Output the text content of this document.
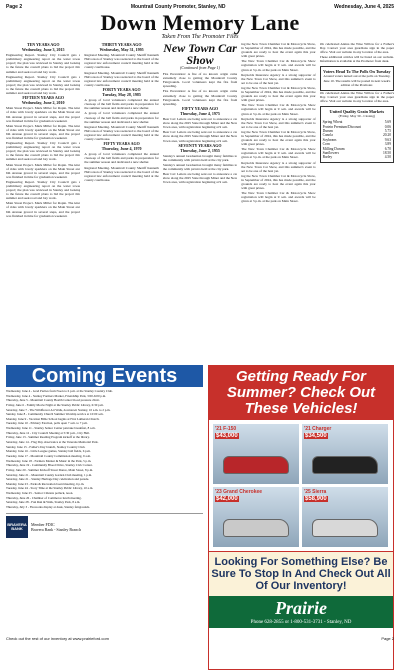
Page 2	Mountrail County Promoter, Stanley, ND	Wednesday, June 4, 2025
Down Memory Lane
Taken From The Promoter Files
TEN YEARS AGO
Wednesday, June 3, 2015

Engineering Report. Stanley City Council gets a preliminary engineering report on the water tower project; the plan was reviewed in Stanley and looking to the future the council plans to bid the project this summer and seek road and bay work.

Engineering Report. Stanley City Council gets a preliminary engineering report on the water tower project; the plan was reviewed in Stanley and looking to the future the council plans to bid the project this summer and seek road and bay work.

FIFTEEN YEARS AGO
Wednesday, June 2, 2010

Main Street Project. Mark Miller for Ropin. The kind of rides with lovely sparklers on the Main Street and 6th Avenue graced in several steps, and the project was finished in time for graduation weekend.

Main Street Project. Mark Miller for Ropin. The kind of rides with lovely sparklers on the Main Street and 6th Avenue graced in several steps, and the project was finished in time for graduation weekend.

Engineering Report. Stanley City Council gets a preliminary engineering report on the water tower project; the plan was reviewed in Stanley and looking to the future the council plans to bid the project this summer and seek road and bay work.

Main Street Project. Mark Miller for Ropin. The kind of rides with lovely sparklers on the Main Street and 6th Avenue graced in several steps, and the project was finished in time for graduation weekend.

Engineering Report. Stanley City Council gets a preliminary engineering report on the water tower project; the plan was reviewed in Stanley and looking to the future the council plans to bid the project this summer and seek road and bay work.

Main Street Project. Mark Miller for Ropin. The kind of rides with lovely sparklers on the Main Street and 6th Avenue graced in several steps, and the project was finished in time for graduation weekend.

THIRTY YEARS AGO
Wednesday, May 31, 1995

Regional Meeting. Mountrail County Sheriff Kenneth Halvorson of Stanley was reelected to the board of the regional law enforcement council meeting held at the county courthouse.

Regional Meeting. Mountrail County Sheriff Kenneth Halvorson of Stanley was reelected to the board of the regional law enforcement council meeting held at the county courthouse.

FORTY YEARS AGO
Tuesday, May 28, 1985

A group of local volunteers completed the annual clean-up of the ball fields and parks in preparation for the summer season and dedicated a new shelter.

A group of local volunteers completed the annual clean-up of the ball fields and parks in preparation for the summer season and dedicated a new shelter.

Regional Meeting. Mountrail County Sheriff Kenneth Halvorson of Stanley was reelected to the board of the regional law enforcement council meeting held at the county courthouse.

FIFTY YEARS AGO
Thursday, June 4, 1970

A group of local volunteers completed the annual clean-up of the ball fields and parks in preparation for the summer season and dedicated a new shelter.

Regional Meeting. Mountrail County Sheriff Kenneth Halvorson of Stanley was reelected to the board of the regional law enforcement council meeting held at the county courthouse.

New Town Car Show
(Continued from Page 1)

Fire Prevention: A fire of no known origin came extremely close to getting the Mountrail County Fairgrounds. Local volunteers kept the fire from spreading.

Fire Prevention: A fire of no known origin came extremely close to getting the Mountrail County Fairgrounds. Local volunteers kept the fire from spreading.

FIFTY YEARS AGO
Thursday, June 4, 1975

Bear Cat: Letters are being sent out to announce a car show along the 2025 State through Minot and the New Town area, with registration beginning at 9 a.m.

Bear Cat: Letters are being sent out to announce a car show along the 2025 State through Minot and the New Town area, with registration beginning at 9 a.m.

SEVENTY YEARS AGO
Thursday, June 2, 1955

Stanley's annual Graduation brought many families to the community with picnics held at the city park.

Stanley's annual Graduation brought many families to the community with picnics held at the city park.

Bear Cat: Letters are being sent out to announce a car show along the 2025 State through Minot and the New Town area, with registration beginning at 9 a.m.

ing the New Town Chamber Car & Motorcycle Show, in September of 2024, this has made possible, and the grounds are ready to host the event again this year with great prizes.

The New Town Chamber Car & Motorcycle Show registration will begin at 9 a.m. and awards will be given at 3 p.m. at the park on Main Street.

Reynolds Insurance Agency is a strong supporter of the New Town Car Show, and this summer's event is set to be one of the best yet.

ing the New Town Chamber Car & Motorcycle Show, in September of 2024, this has made possible, and the grounds are ready to host the event again this year with great prizes.

The New Town Chamber Car & Motorcycle Show registration will begin at 9 a.m. and awards will be given at 3 p.m. at the park on Main Street.

Reynolds Insurance Agency is a strong supporter of the New Town Car Show, and this summer's event is set to be one of the best yet.

ing the New Town Chamber Car & Motorcycle Show, in September of 2024, this has made possible, and the grounds are ready to host the event again this year with great prizes.

The New Town Chamber Car & Motorcycle Show registration will begin at 9 a.m. and awards will be given at 3 p.m. at the park on Main Street.

Reynolds Insurance Agency is a strong supporter of the New Town Car Show, and this summer's event is set to be one of the best yet.

ing the New Town Chamber Car & Motorcycle Show, in September of 2024, this has made possible, and the grounds are ready to host the event again this year with great prizes.

The New Town Chamber Car & Motorcycle Show registration will begin at 9 a.m. and awards will be given at 3 p.m. at the park on Main Street.

We celebrated Alaina the Wise Willow for a Father's Day. Contact your area guardians sign in the paper office. Visit our website in any location of the area.

These additional articles will be listed on our website. Information is available at the Promoter front desk.

Voters Head To The Polls On Tuesday

Around voters turned out at the polls on Tuesday, June 10. The results will be posted in next week's edition of the Promoter.

We celebrated Alaina the Wise Willow for a Father's Day. Contact your area guardians sign in the paper office. Visit our website in any location of the area.

United Quality Grain Markets
(Friday, May 30 - Closing)
Spring Wheat	5.69
Protein Premium/Discount	0.06
Durum	5.75
Canola	20.20
Soybeans	9.63
Corn	3.89
Milling Durum	6.70
Sunflowers	18.50
Barley	4.50
Coming Events

Wednesday, June 4 - Grad Parties from Noon to 6 p.m. at the Stanley Country Club.

Wednesday, June 4 - Stanley Farmers Market, Friendship Park, 3:00-6:00 p.m.

Thursday, June 5 - Mountrail County Health Center blood pressure clinic.

Friday, June 6 - Family Movie Night at the Stanley Public Library, 6:30 p.m.

Saturday, June 7 - The Wildflower Art Walk, downtown Stanley, 10 a.m. to 2 p.m.

Sunday, June 8 - Community Church Summer Worship service at 10:00 a.m.

Monday, June 9 - Vacation Bible School begins at First Lutheran Church.

Tuesday, June 10 - Primary Election, polls open 7 a.m. to 7 p.m.

Wednesday, June 11 - Stanley Senior Center pancake breakfast, 8 a.m.

Thursday, June 12 - City Council Meeting at 5:30 p.m., City Hall.

Friday, June 13 - Summer Reading Program kickoff at the library.

Saturday, June 14 - Flag Day observance at the Veterans Memorial Park.

Sunday, June 15 - Father's Day brunch, Stanley Country Club.

Monday, June 16 - Little League games, Stanley ball fields, 6 p.m.

Tuesday, June 17 - Mountrail County Commission meeting, 9 a.m.

Wednesday, June 18 - Farmers Market & Music in the Park, 5 p.m.

Thursday, June 19 - Community Blood Drive, Stanley Civic Center.

Friday, June 20 - Summer Kickoff Street Dance, Main Street, 8 p.m.

Saturday, June 21 - Mountrail County Garden Club meeting, 1 p.m.

Saturday, June 21 - Stanley Heritage Day celebration and parade.

Monday, June 23 - Parks & Recreation board meeting, 6 p.m.

Tuesday, June 24 - Story Time at the Stanley Public Library, 10 a.m.

Wednesday, June 25 - Senior Citizens potluck, noon.

Thursday, June 26 - Chamber of Commerce lunch meeting.

Saturday, June 28 - Fun Run & Walk, Stanley Park, 8 a.m.

Thursday, July 3 - Fireworks display at dusk, Stanley fairgrounds.

BRAVERA BANK
Member FDIC
Bravera Bank - Stanley Branch
Getting Ready For Summer? Check Out These Vehicles!
'21 F-150
$43,000
'21 Charger
$34,500
'23 Grand Cherokee
$42,000
'25 Sierra
$58,900
Looking For Something Else? Be Sure To Stop In And Check Out All Of Our Inventory!
Prairie
Phone 628-2855 or 1-800-531-3731 - Stanley, ND
Check out the rest of our inventory at www.prairieford.com	Page 2
